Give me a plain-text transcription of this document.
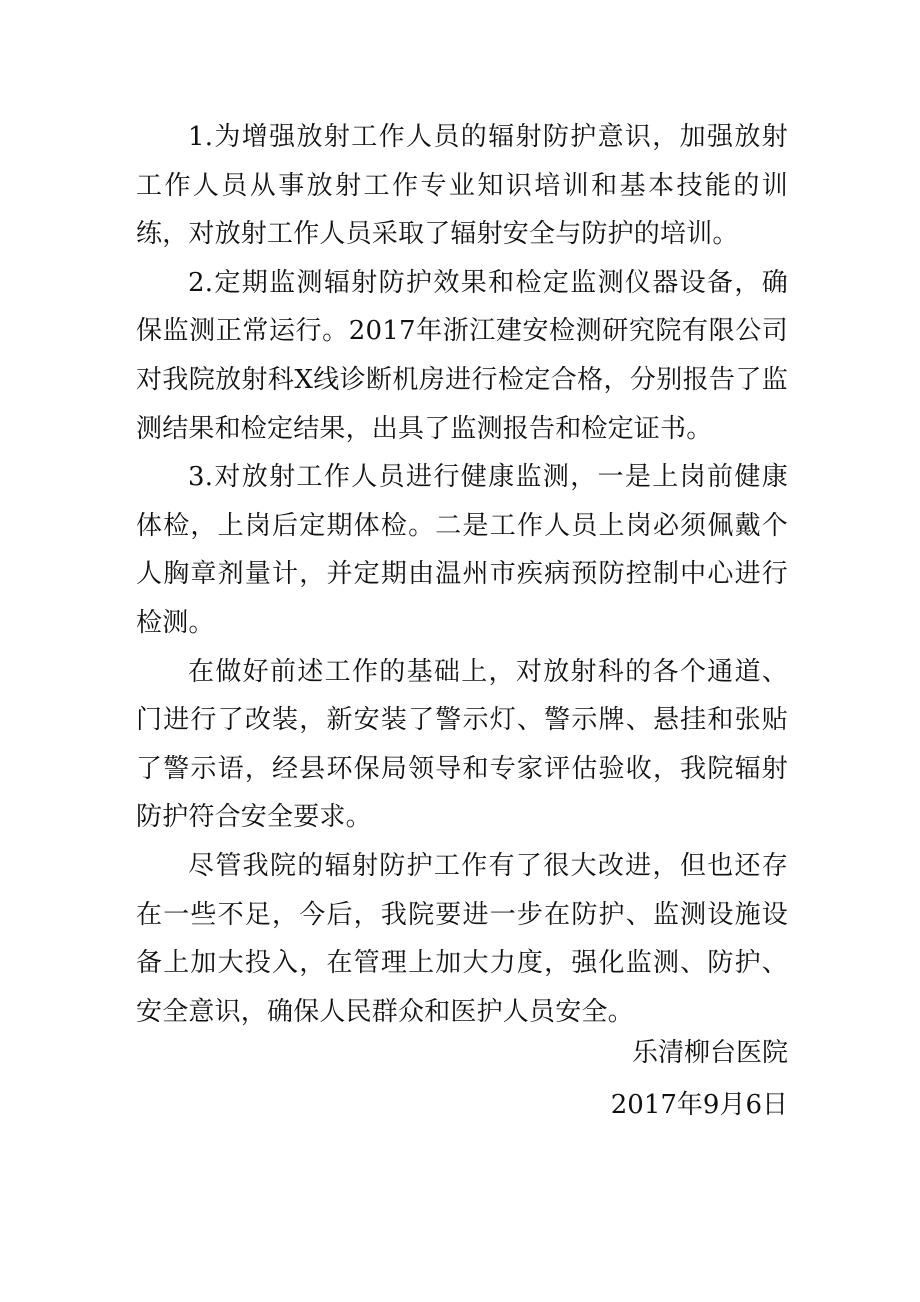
1.为增强放射工作人员的辐射防护意识，加强放射工作人员从事放射工作专业知识培训和基本技能的训练，对放射工作人员采取了辐射安全与防护的培训。

2.定期监测辐射防护效果和检定监测仪器设备，确保监测正常运行。2017年浙江建安检测研究院有限公司对我院放射科X线诊断机房进行检定合格，分别报告了监测结果和检定结果，出具了监测报告和检定证书。

3.对放射工作人员进行健康监测，一是上岗前健康体检，上岗后定期体检。二是工作人员上岗必须佩戴个人胸章剂量计，并定期由温州市疾病预防控制中心进行检测。

在做好前述工作的基础上，对放射科的各个通道、门进行了改装，新安装了警示灯、警示牌、悬挂和张贴了警示语，经县环保局领导和专家评估验收，我院辐射防护符合安全要求。

尽管我院的辐射防护工作有了很大改进，但也还存在一些不足，今后，我院要进一步在防护、监测设施设备上加大投入，在管理上加大力度，强化监测、防护、安全意识，确保人民群众和医护人员安全。

乐清柳台医院
2017年9月6日
